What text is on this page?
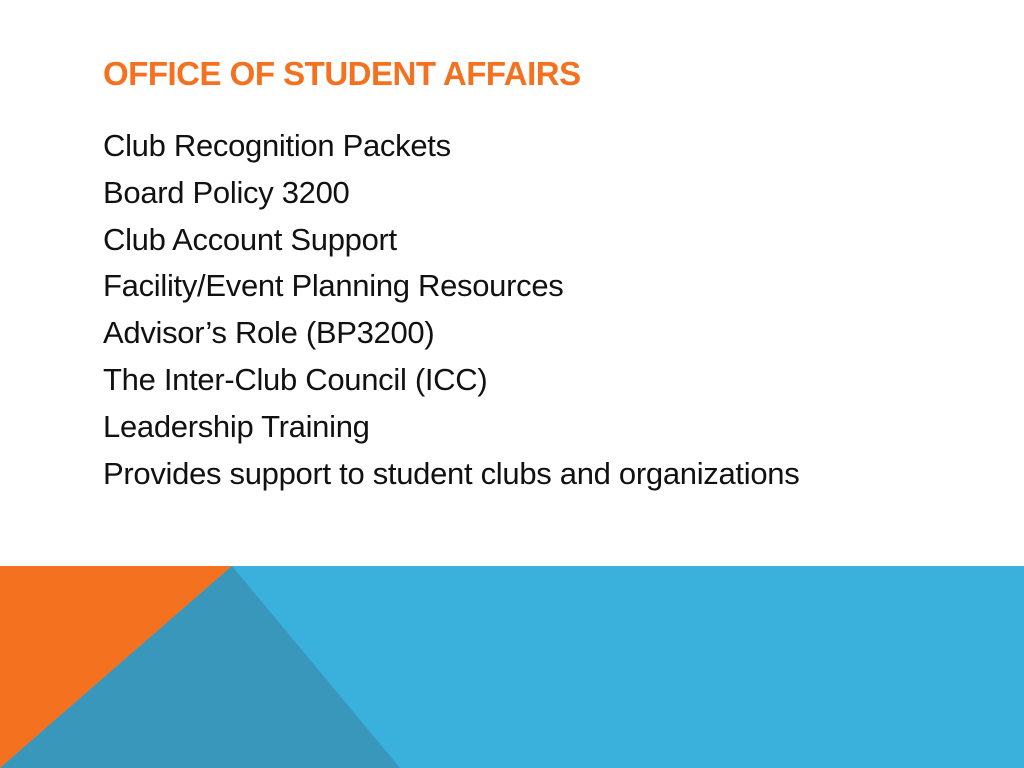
OFFICE OF STUDENT AFFAIRS
Club Recognition Packets
Board Policy 3200
Club Account Support
Facility/Event Planning Resources
Advisor’s Role (BP3200)
The Inter-Club Council (ICC)
Leadership Training
Provides support to student clubs and organizations
